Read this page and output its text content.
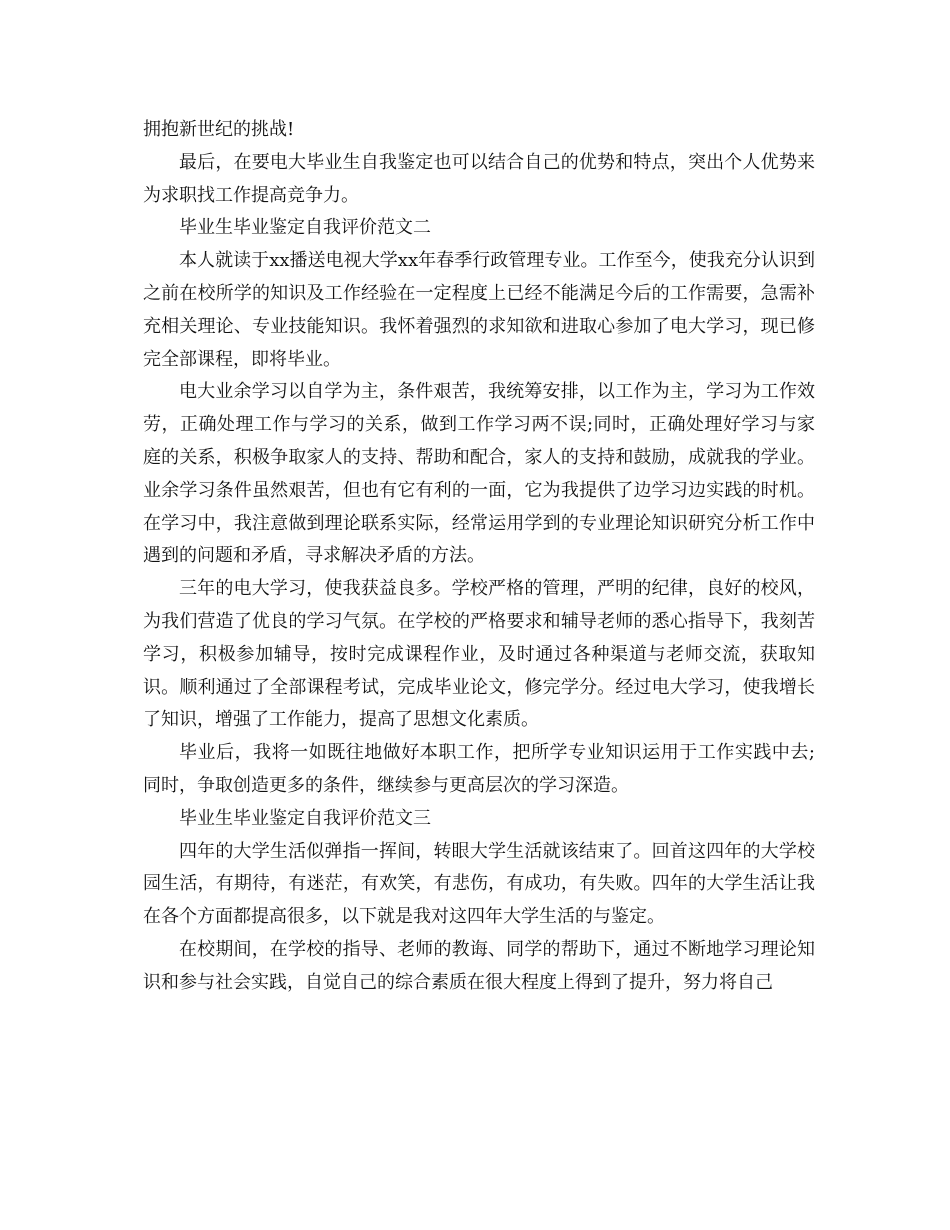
拥抱新世纪的挑战!

最后，在要电大毕业生自我鉴定也可以结合自己的优势和特点，突出个人优势来为求职找工作提高竞争力。

毕业生毕业鉴定自我评价范文二

本人就读于xx播送电视大学xx年春季行政管理专业。工作至今，使我充分认识到之前在校所学的知识及工作经验在一定程度上已经不能满足今后的工作需要，急需补充相关理论、专业技能知识。我怀着强烈的求知欲和进取心参加了电大学习，现已修完全部课程，即将毕业。

电大业余学习以自学为主，条件艰苦，我统筹安排，以工作为主，学习为工作效劳，正确处理工作与学习的关系，做到工作学习两不误;同时，正确处理好学习与家庭的关系，积极争取家人的支持、帮助和配合，家人的支持和鼓励，成就我的学业。业余学习条件虽然艰苦，但也有它有利的一面，它为我提供了边学习边实践的时机。在学习中，我注意做到理论联系实际，经常运用学到的专业理论知识研究分析工作中遇到的问题和矛盾，寻求解决矛盾的方法。

三年的电大学习，使我获益良多。学校严格的管理，严明的纪律，良好的校风，为我们营造了优良的学习气氛。在学校的严格要求和辅导老师的悉心指导下，我刻苦学习，积极参加辅导，按时完成课程作业，及时通过各种渠道与老师交流，获取知识。顺利通过了全部课程考试，完成毕业论文，修完学分。经过电大学习，使我增长了知识，增强了工作能力，提高了思想文化素质。

毕业后，我将一如既往地做好本职工作，把所学专业知识运用于工作实践中去;同时，争取创造更多的条件，继续参与更高层次的学习深造。

毕业生毕业鉴定自我评价范文三

四年的大学生活似弹指一挥间，转眼大学生活就该结束了。回首这四年的大学校园生活，有期待，有迷茫，有欢笑，有悲伤，有成功，有失败。四年的大学生活让我在各个方面都提高很多，以下就是我对这四年大学生活的与鉴定。

在校期间，在学校的指导、老师的教诲、同学的帮助下，通过不断地学习理论知识和参与社会实践，自觉自己的综合素质在很大程度上得到了提升，努力将自己
